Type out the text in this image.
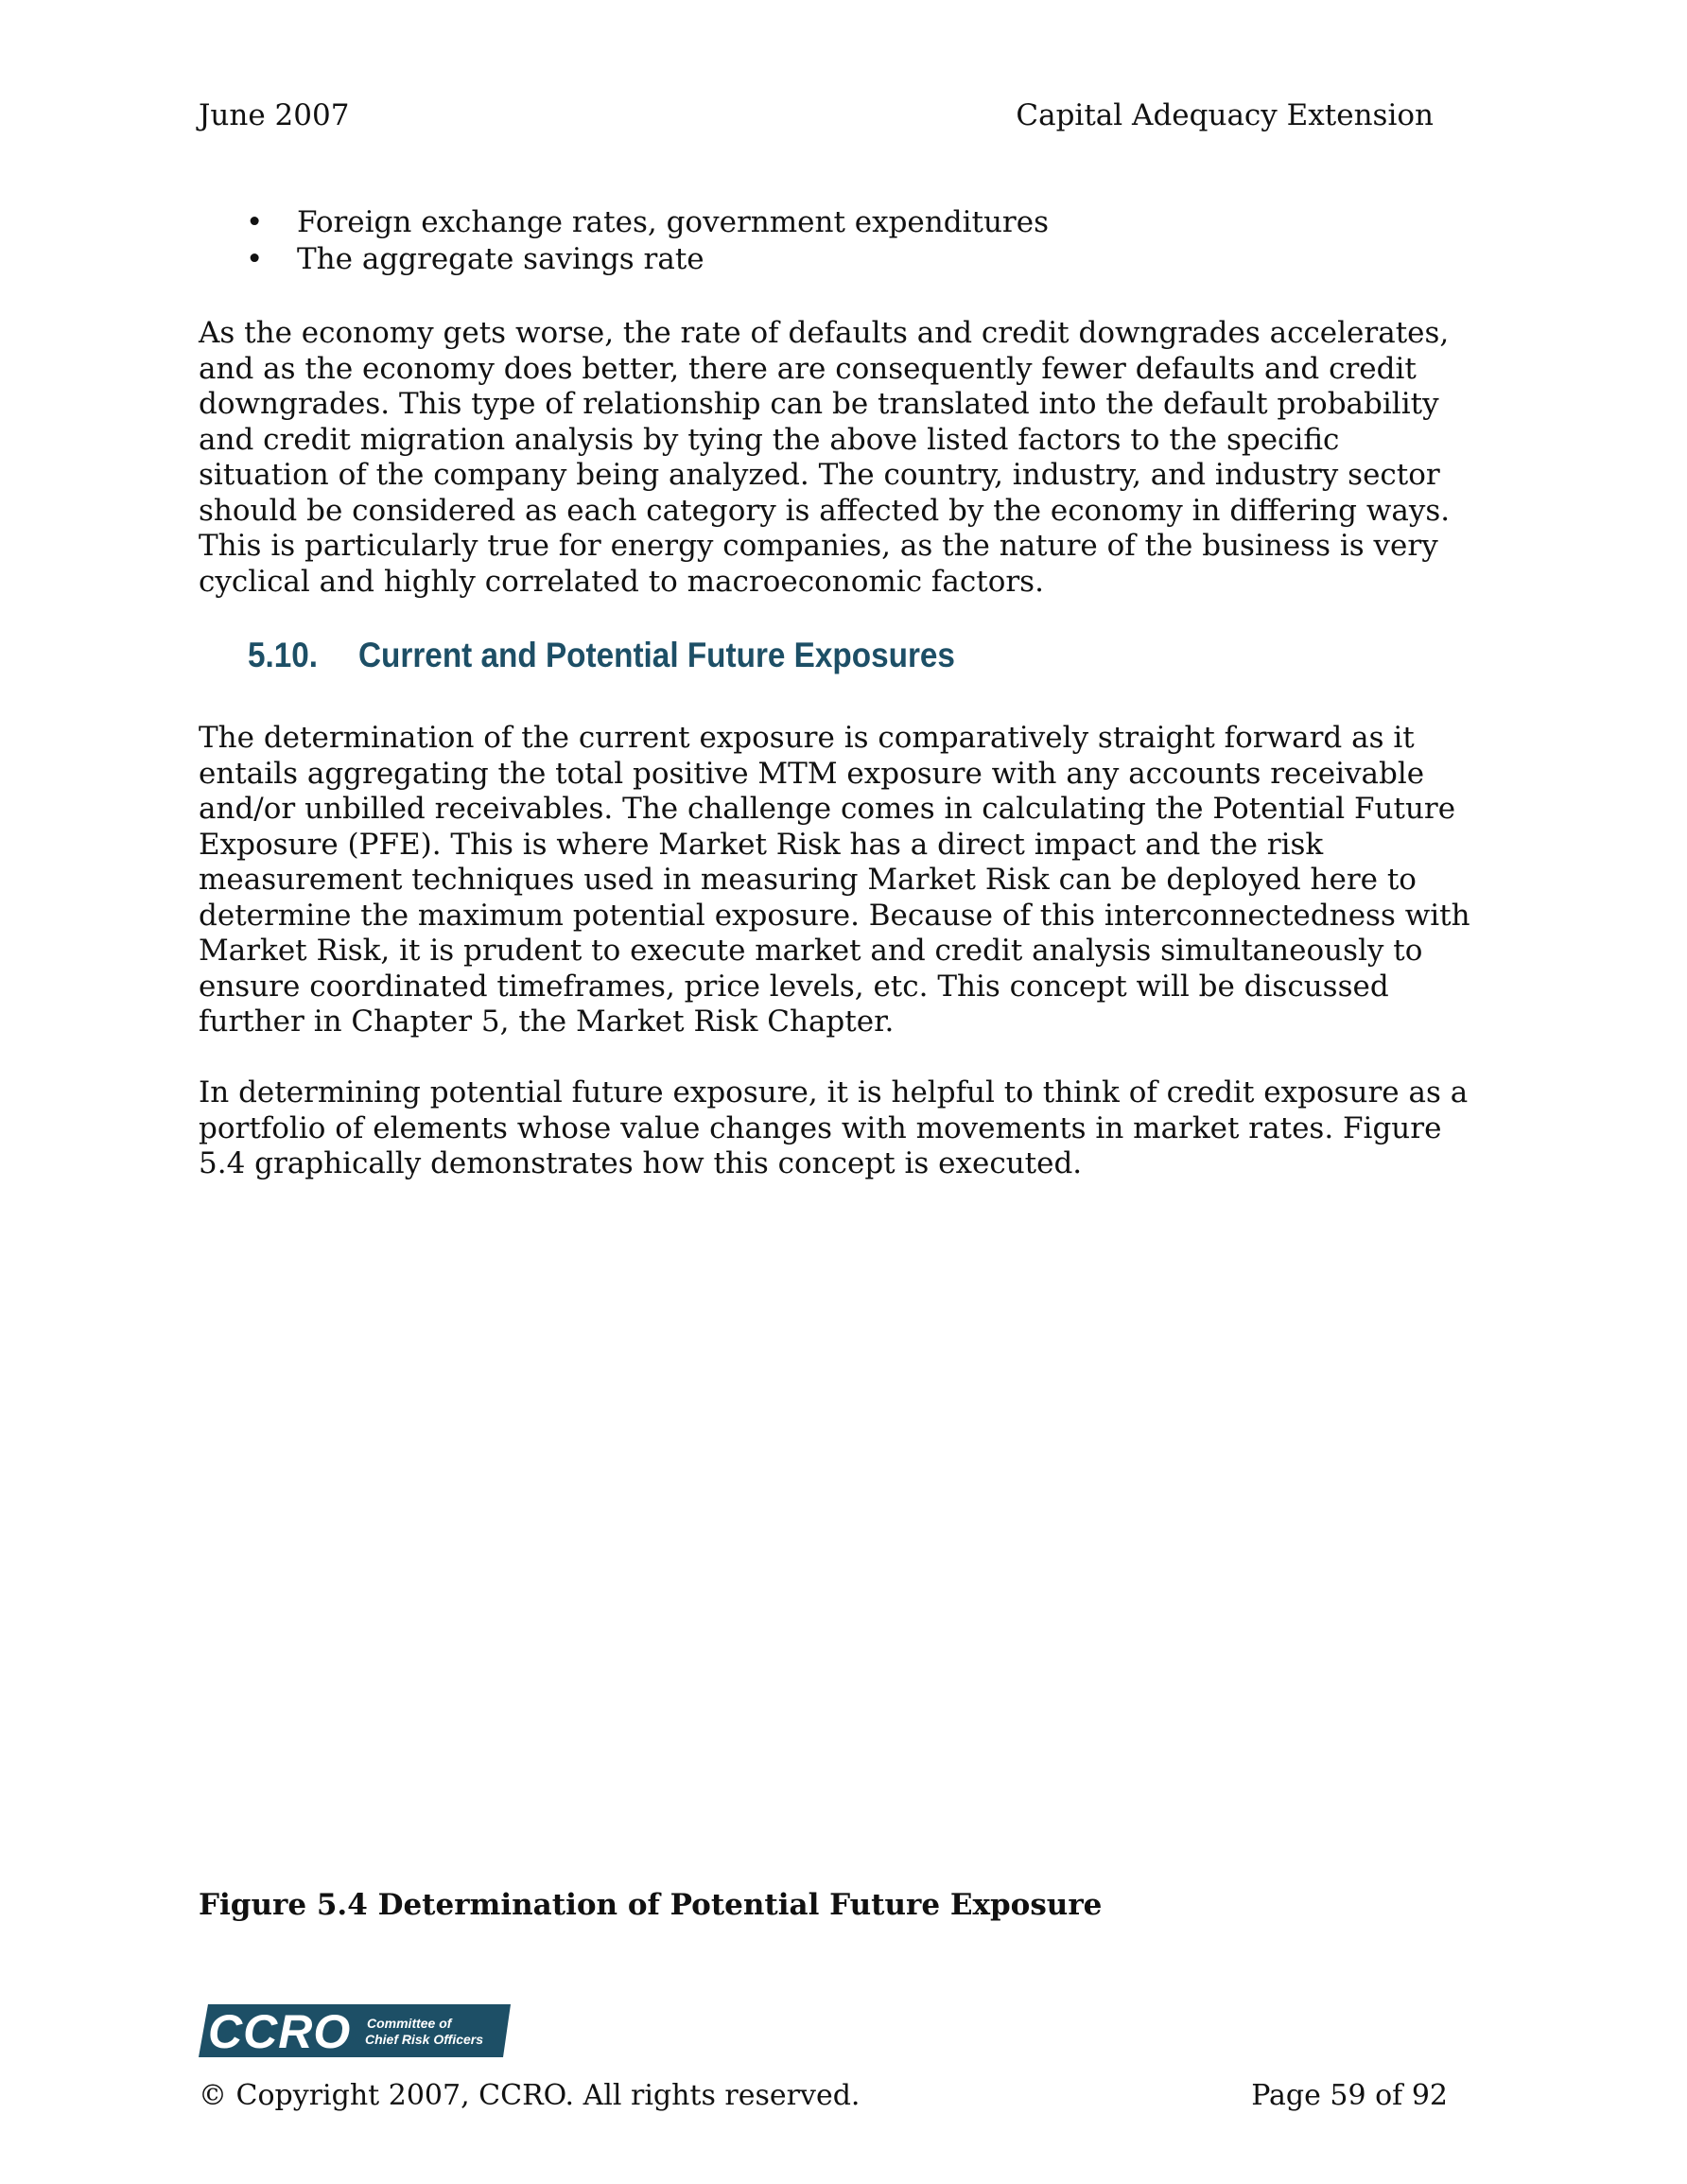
June 2007	Capital Adequacy Extension
• Foreign exchange rates, government expenditures
• The aggregate savings rate

As the economy gets worse, the rate of defaults and credit downgrades accelerates, and as the economy does better, there are consequently fewer defaults and credit downgrades. This type of relationship can be translated into the default probability and credit migration analysis by tying the above listed factors to the specific situation of the company being analyzed. The country, industry, and industry sector should be considered as each category is affected by the economy in differing ways. This is particularly true for energy companies, as the nature of the business is very cyclical and highly correlated to macroeconomic factors.

5.10. Current and Potential Future Exposures

The determination of the current exposure is comparatively straight forward as it entails aggregating the total positive MTM exposure with any accounts receivable and/or unbilled receivables. The challenge comes in calculating the Potential Future Exposure (PFE). This is where Market Risk has a direct impact and the risk measurement techniques used in measuring Market Risk can be deployed here to determine the maximum potential exposure. Because of this interconnectedness with Market Risk, it is prudent to execute market and credit analysis simultaneously to ensure coordinated timeframes, price levels, etc. This concept will be discussed further in Chapter 5, the Market Risk Chapter.

In determining potential future exposure, it is helpful to think of credit exposure as a portfolio of elements whose value changes with movements in market rates. Figure 5.4 graphically demonstrates how this concept is executed.

Figure 5.4 Determination of Potential Future Exposure
CCRO Committee of
Chief Risk Officers
© Copyright 2007, CCRO. All rights reserved.	Page 59 of 92
